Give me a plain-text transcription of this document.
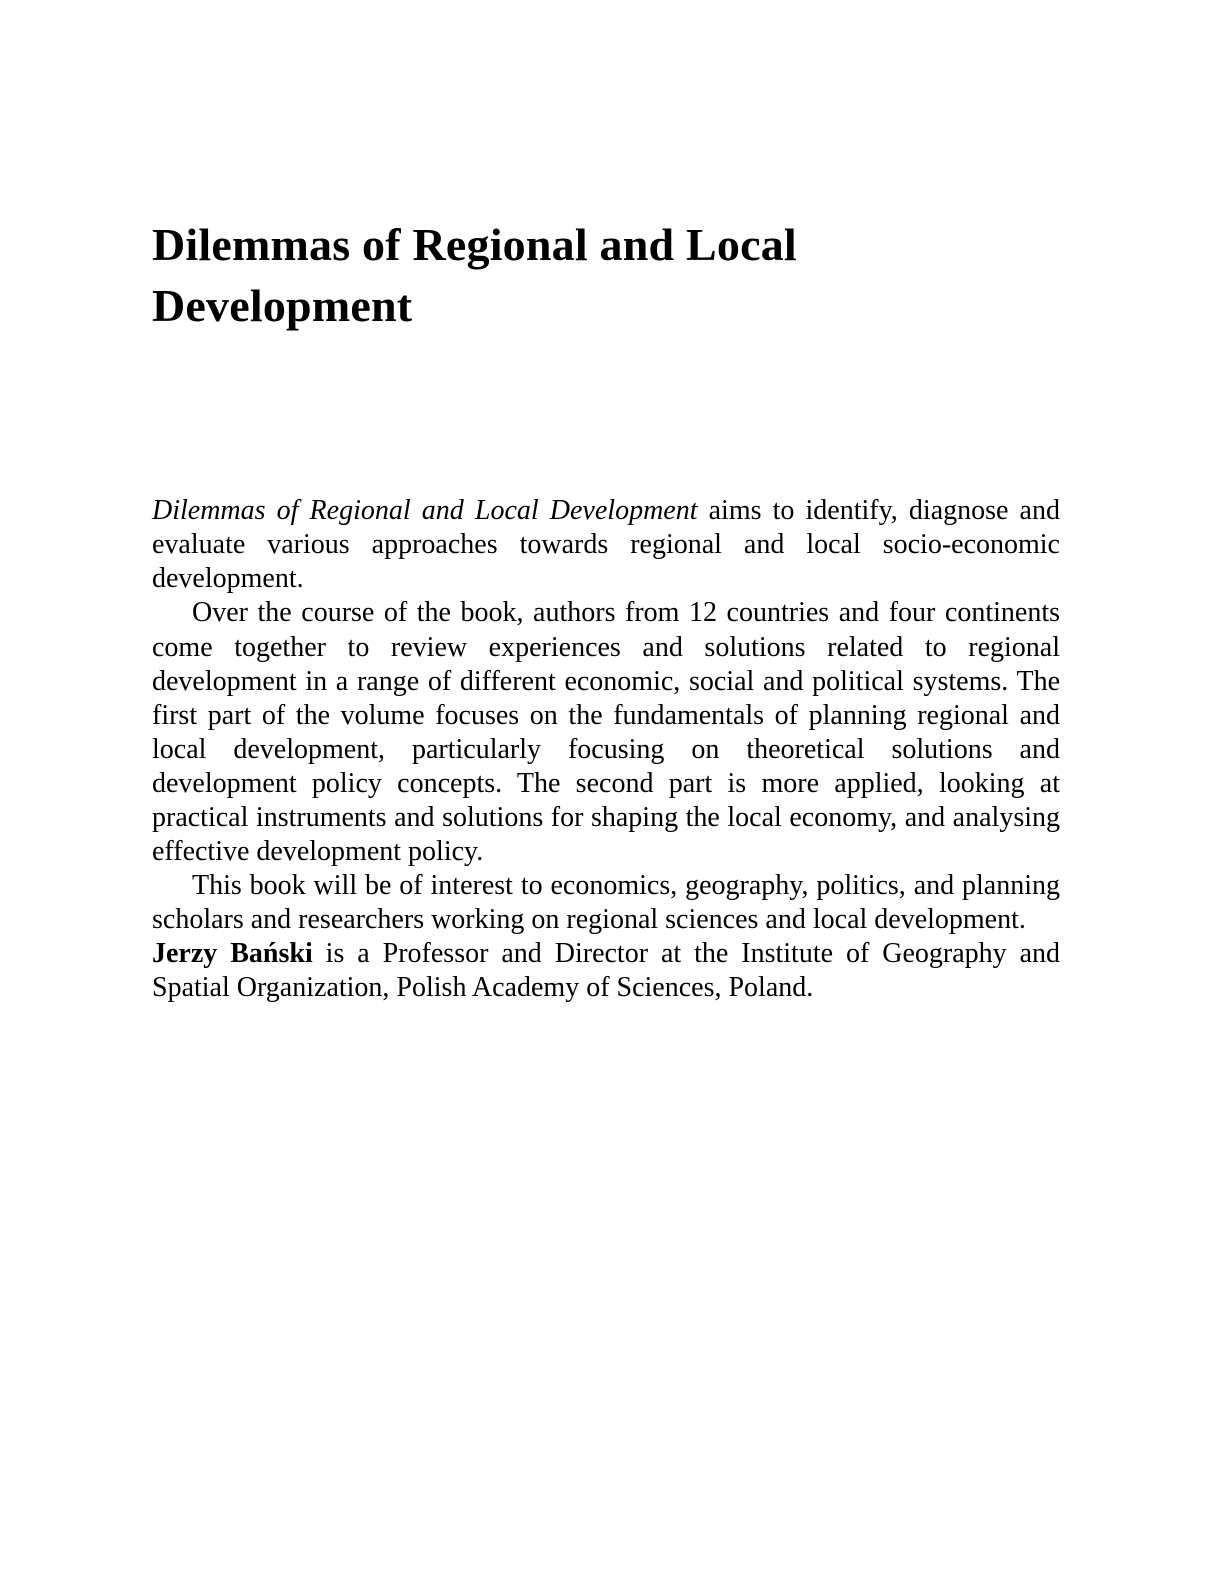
Dilemmas of Regional and Local Development

Dilemmas of Regional and Local Development aims to identify, diagnose and evaluate various approaches towards regional and local socio-economic development.

Over the course of the book, authors from 12 countries and four continents come together to review experiences and solutions related to regional development in a range of different economic, social and political systems. The first part of the volume focuses on the fundamentals of planning regional and local development, particularly focusing on theoretical solutions and development policy concepts. The second part is more applied, looking at practical instruments and solutions for shaping the local economy, and analysing effective development policy.

This book will be of interest to economics, geography, politics, and planning scholars and researchers working on regional sciences and local development.

Jerzy Bański is a Professor and Director at the Institute of Geography and Spatial Organization, Polish Academy of Sciences, Poland.
